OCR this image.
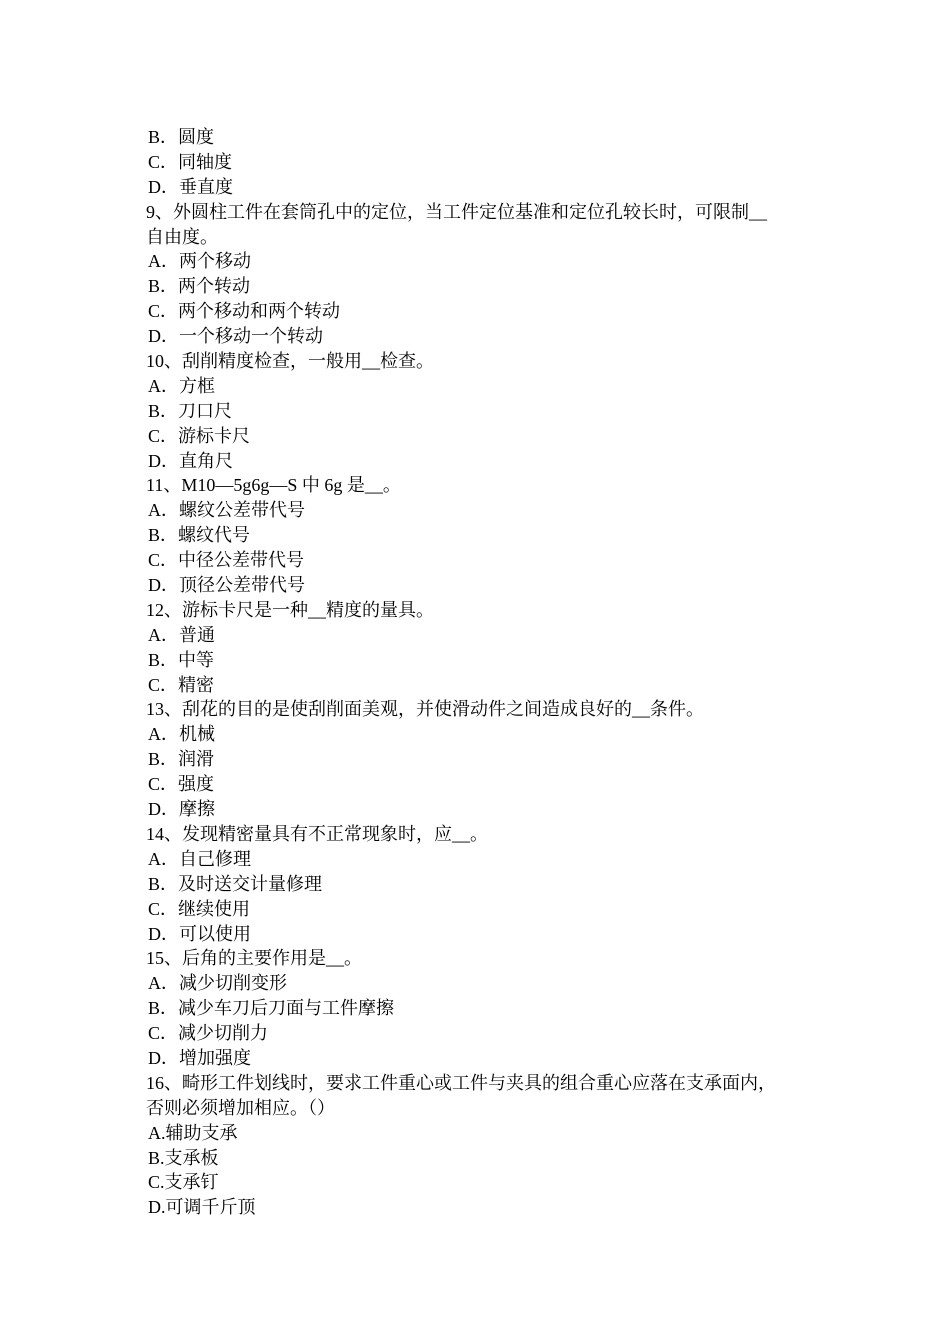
B．圆度
C．同轴度
D．垂直度
9、外圆柱工件在套筒孔中的定位，当工件定位基准和定位孔较长时，可限制__
自由度。
A．两个移动
B．两个转动
C．两个移动和两个转动
D．一个移动一个转动
10、刮削精度检查，一般用__检查。
A．方框
B．刀口尺
C．游标卡尺
D．直角尺
11、M10—5g6g—S 中 6g 是__。
A．螺纹公差带代号
B．螺纹代号
C．中径公差带代号
D．顶径公差带代号
12、游标卡尺是一种__精度的量具。
A．普通
B．中等
C．精密
13、刮花的目的是使刮削面美观，并使滑动件之间造成良好的__条件。
A．机械
B．润滑
C．强度
D．摩擦
14、发现精密量具有不正常现象时，应__。
A．自己修理
B．及时送交计量修理
C．继续使用
D．可以使用
15、后角的主要作用是__。
A．减少切削变形
B．减少车刀后刀面与工件摩擦
C．减少切削力
D．增加强度
16、畸形工件划线时，要求工件重心或工件与夹具的组合重心应落在支承面内，
否则必须增加相应。（）
A.辅助支承
B.支承板
C.支承钉
D.可调千斤顶
